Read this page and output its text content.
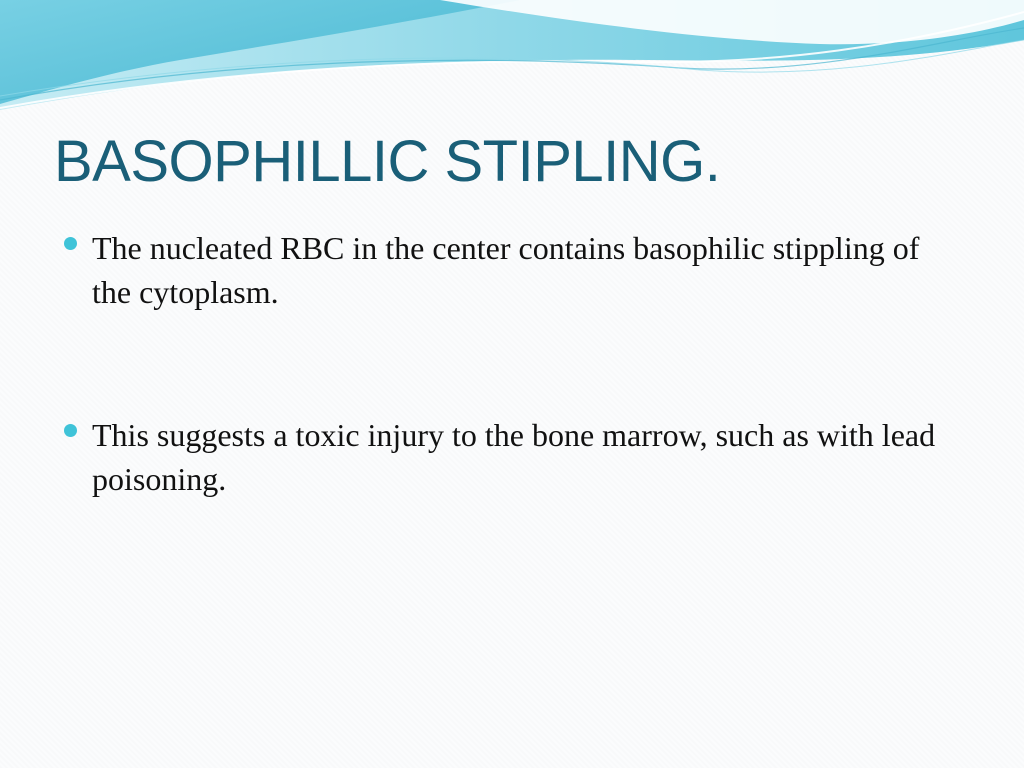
BASOPHILLIC STIPLING.
The nucleated RBC in the center contains basophilic stippling of the cytoplasm.
This suggests a toxic injury to the bone marrow, such as with lead poisoning.
